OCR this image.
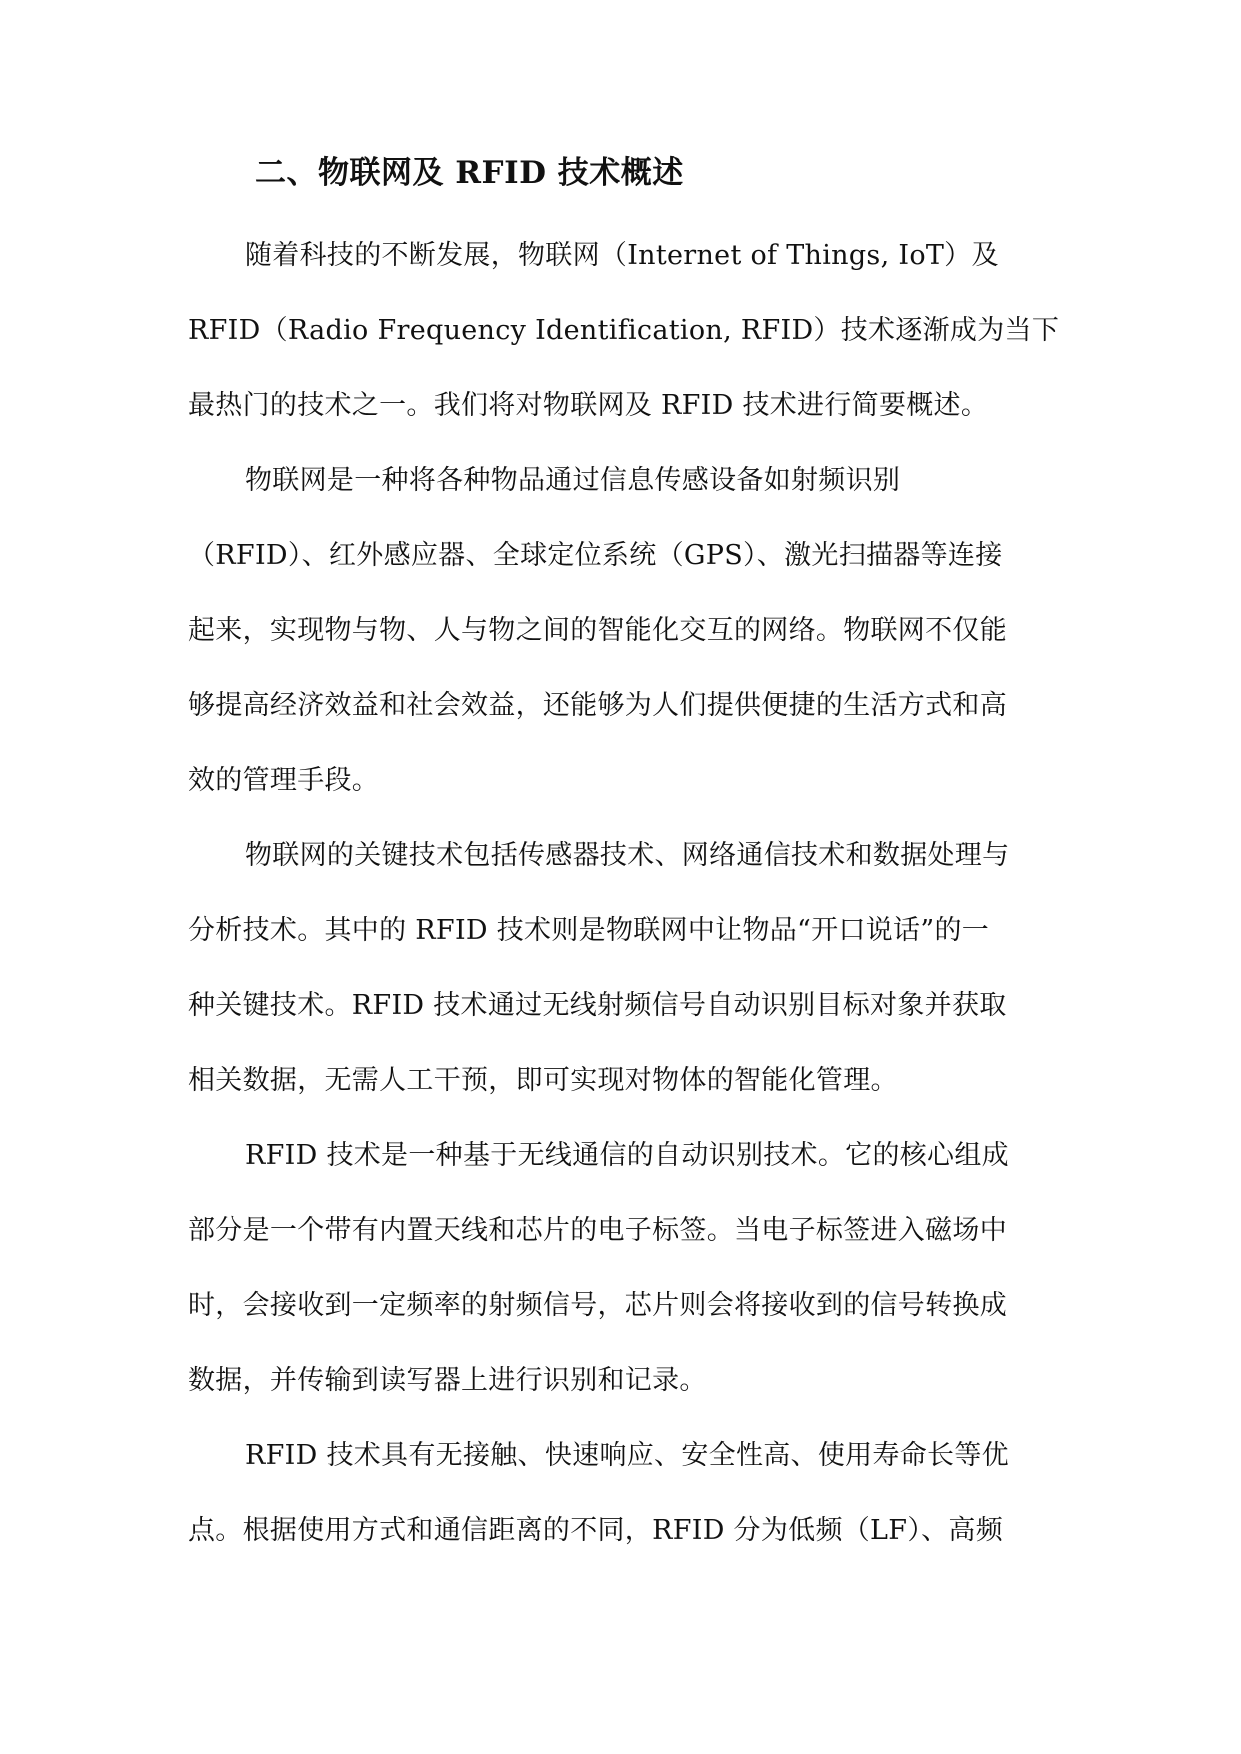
二、物联网及 RFID 技术概述

随着科技的不断发展，物联网（Internet of Things, IoT）及

RFID（Radio Frequency Identification, RFID）技术逐渐成为当下

最热门的技术之一。我们将对物联网及 RFID 技术进行简要概述。

物联网是一种将各种物品通过信息传感设备如射频识别

（RFID）、红外感应器、全球定位系统（GPS）、激光扫描器等连接

起来，实现物与物、人与物之间的智能化交互的网络。物联网不仅能

够提高经济效益和社会效益，还能够为人们提供便捷的生活方式和高

效的管理手段。

物联网的关键技术包括传感器技术、网络通信技术和数据处理与

分析技术。其中的 RFID 技术则是物联网中让物品“开口说话”的一

种关键技术。RFID 技术通过无线射频信号自动识别目标对象并获取

相关数据，无需人工干预，即可实现对物体的智能化管理。

RFID 技术是一种基于无线通信的自动识别技术。它的核心组成

部分是一个带有内置天线和芯片的电子标签。当电子标签进入磁场中

时，会接收到一定频率的射频信号，芯片则会将接收到的信号转换成

数据，并传输到读写器上进行识别和记录。

RFID 技术具有无接触、快速响应、安全性高、使用寿命长等优

点。根据使用方式和通信距离的不同，RFID 分为低频（LF）、高频
